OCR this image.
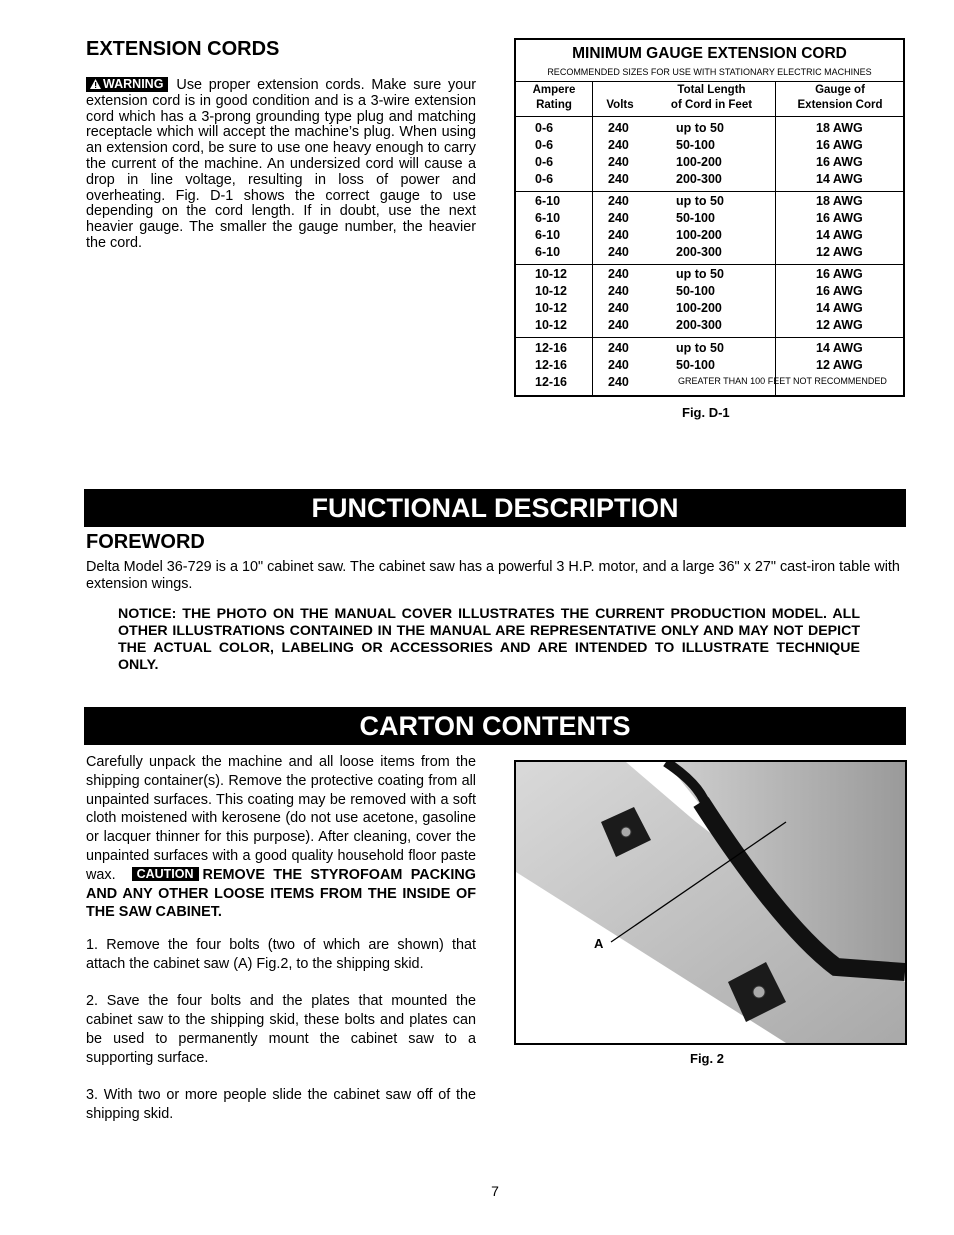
EXTENSION CORDS
WARNING Use proper extension cords. Make sure your extension cord is in good condition and is a 3-wire extension cord which has a 3-prong grounding type plug and matching receptacle which will accept the machine’s plug. When using an extension cord, be sure to use one heavy enough to carry the current of the machine. An undersized cord will cause a drop in line voltage, resulting in loss of power and overheating. Fig. D-1 shows the correct gauge to use depending on the cord length. If in doubt, use the next heavier gauge. The smaller the gauge number, the heavier the cord.
MINIMUM GAUGE EXTENSION CORD
RECOMMENDED SIZES FOR USE WITH STATIONARY ELECTRIC MACHINES
Ampere
Rating	Volts
Total Length
of Cord in Feet
Gauge of
Extension Cord
0-6
0-6
0-6
0-6
240
240
240
240
up to 50
50-100
100-200
200-300
18 AWG
16 AWG
16 AWG
14 AWG
6-10
6-10
6-10
6-10
240
240
240
240
up to 50
50-100
100-200
200-300
18 AWG
16 AWG
14 AWG
12 AWG
10-12
10-12
10-12
10-12
240
240
240
240
up to 50
50-100
100-200
200-300
16 AWG
16 AWG
14 AWG
12 AWG
12-16
12-16
12-16
240
240
240
up to 50
50-100
14 AWG
12 AWG
GREATER THAN 100 FEET NOT RECOMMENDED
Fig. D-1
FUNCTIONAL DESCRIPTION
FOREWORD
Delta Model 36-729 is a 10" cabinet saw. The cabinet saw has a powerful 3 H.P. motor, and a large 36" x 27" cast-iron table with extension wings.
NOTICE: THE PHOTO ON THE MANUAL COVER ILLUSTRATES THE CURRENT PRODUCTION MODEL. ALL OTHER ILLUSTRATIONS CONTAINED IN THE MANUAL ARE REPRESENTATIVE ONLY AND MAY NOT DEPICT THE ACTUAL COLOR, LABELING OR ACCESSORIES AND ARE INTENDED TO ILLUSTRATE TECHNIQUE ONLY.
CARTON CONTENTS
Carefully unpack the machine and all loose items from the shipping container(s). Remove the protective coating from all unpainted surfaces. This coating may be removed with a soft cloth moistened with kerosene (do not use acetone, gasoline or lacquer thinner for this purpose). After cleaning, cover the unpainted surfaces with a good quality household floor paste wax. CAUTION REMOVE THE STYROFOAM PACKING AND ANY OTHER LOOSE ITEMS FROM THE INSIDE OF THE SAW CABINET.
1. Remove the four bolts (two of which are shown) that attach the cabinet saw (A) Fig.2, to the shipping skid.
2. Save the four bolts and the plates that mounted the cabinet saw to the shipping skid, these bolts and plates can be used to permanently mount the cabinet saw to a supporting surface.
3. With two or more people slide the cabinet saw off of the shipping skid.
A
Fig. 2
7
